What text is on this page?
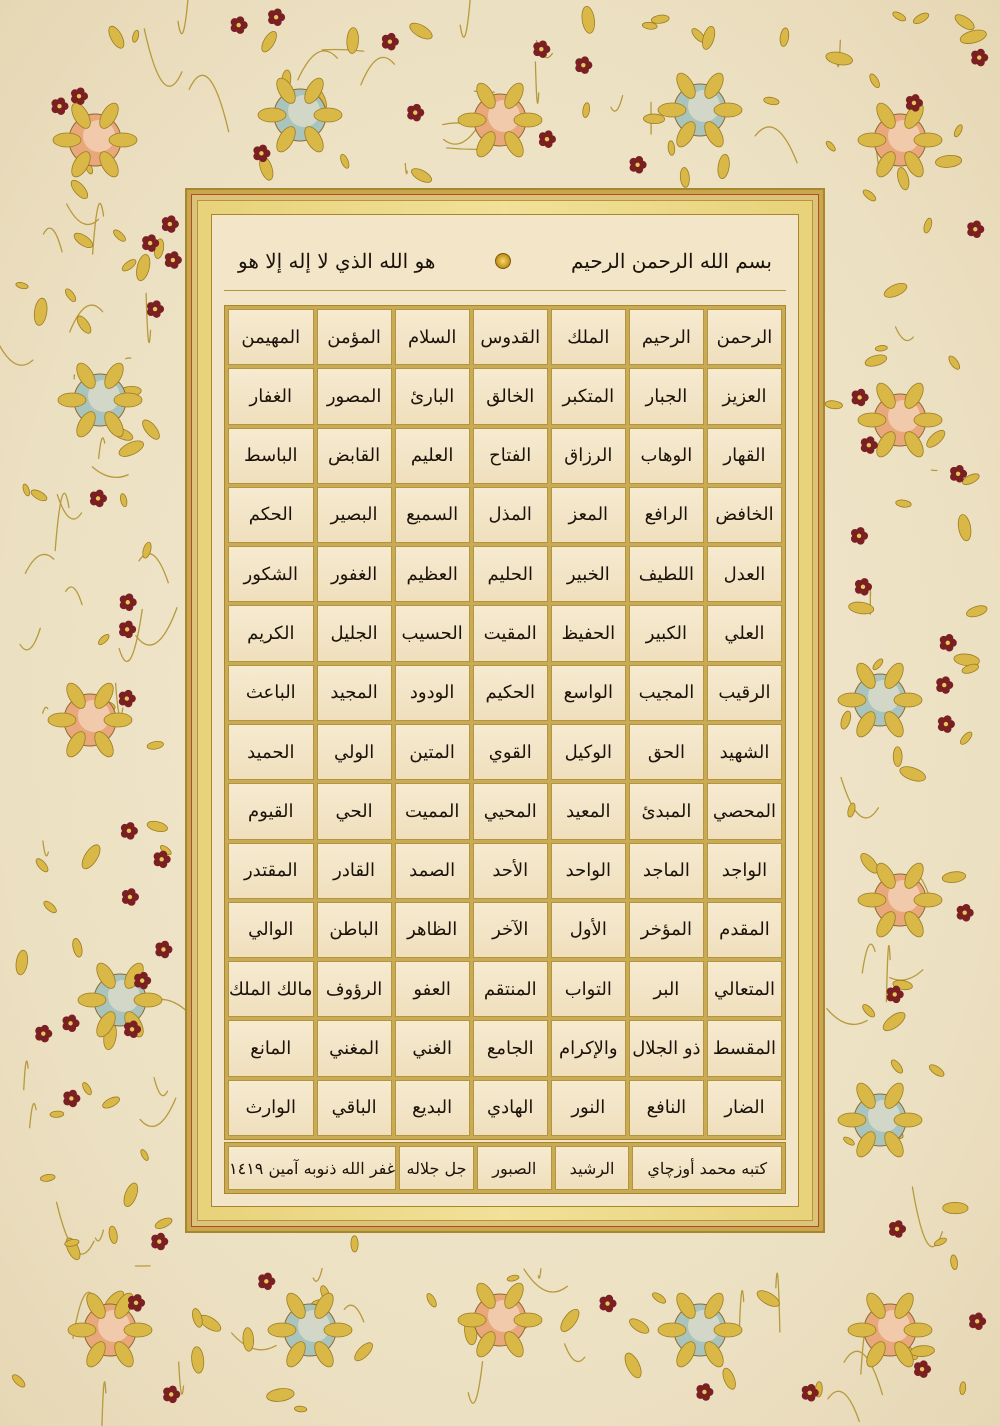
بسم الله الرحمن الرحيم
هو الله الذي لا إله إلا هو
الرحمن
الرحيم
الملك
القدوس
السلام
المؤمن
المهيمن
العزيز
الجبار
المتكبر
الخالق
البارئ
المصور
الغفار
القهار
الوهاب
الرزاق
الفتاح
العليم
القابض
الباسط
الخافض
الرافع
المعز
المذل
السميع
البصير
الحكم
العدل
اللطيف
الخبير
الحليم
العظيم
الغفور
الشكور
العلي
الكبير
الحفيظ
المقيت
الحسيب
الجليل
الكريم
الرقيب
المجيب
الواسع
الحكيم
الودود
المجيد
الباعث
الشهيد
الحق
الوكيل
القوي
المتين
الولي
الحميد
المحصي
المبدئ
المعيد
المحيي
المميت
الحي
القيوم
الواجد
الماجد
الواحد
الأحد
الصمد
القادر
المقتدر
المقدم
المؤخر
الأول
الآخر
الظاهر
الباطن
الوالي
المتعالي
البر
التواب
المنتقم
العفو
الرؤوف
مالك الملك
المقسط
ذو الجلال
والإكرام
الجامع
الغني
المغني
المانع
الضار
النافع
النور
الهادي
البديع
الباقي
الوارث
كتبه محمد أوزچاي
الرشيد
الصبور
جل جلاله
غفر الله ذنوبه آمين ١٤١٩
